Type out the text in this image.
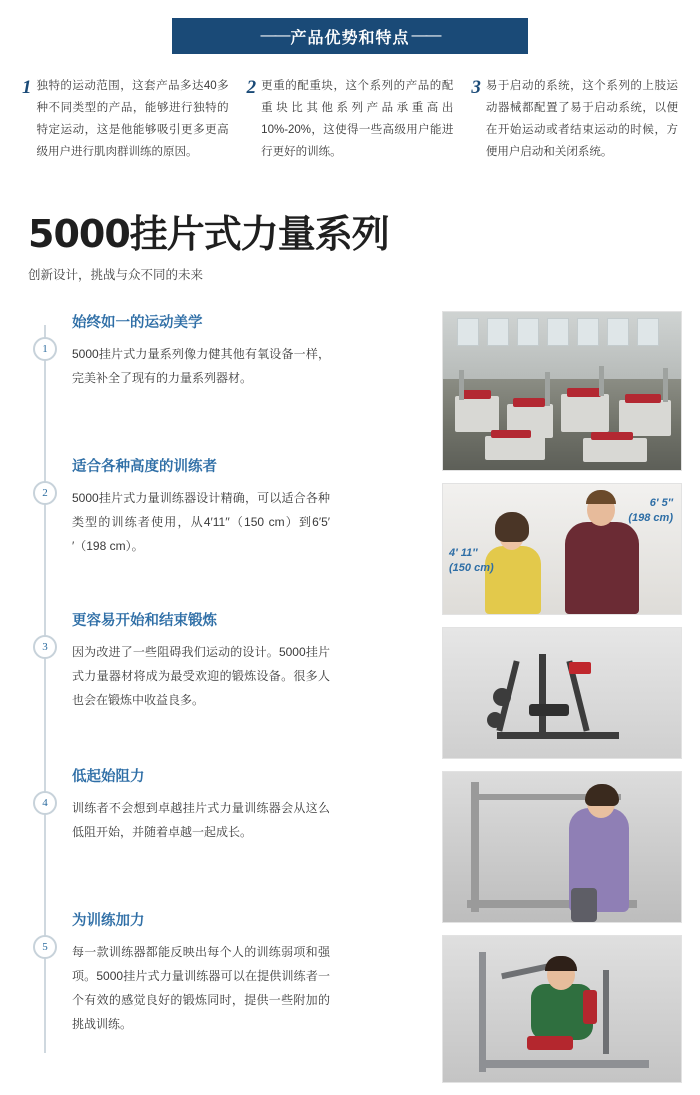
—— 产品优势和特点 ——
1 独特的运动范围，这套产品多达40多种不同类型的产品，能够进行独特的特定运动，这是他能够吸引更多更高级用户进行肌肉群训练的原因。
2 更重的配重块，这个系列的产品的配重块比其他系列产品承重高出10%-20%，这使得一些高级用户能进行更好的训练。
3 易于启动的系统，这个系列的上肢运动器械都配置了易于启动系统，以便在开始运动或者结束运动的时候，方便用户启动和关闭系统。
5000挂片式力量系列
创新设计，挑战与众不同的未来
1
始终如一的运动美学
5000挂片式力量系列像力健其他有氧设备一样，完美补全了现有的力量系列器材。
2
适合各种高度的训练者
5000挂片式力量训练器设计精确，可以适合各种类型的训练者使用，从4′11′′（150 cm）到6′5′′（198 cm）。
3
更容易开始和结束锻炼
因为改进了一些阻碍我们运动的设计。5000挂片式力量器材将成为最受欢迎的锻炼设备。很多人也会在锻炼中收益良多。
4
低起始阻力
训练者不会想到卓越挂片式力量训练器会从这么低阻开始，并随着卓越一起成长。
5
为训练加力
每一款训练器都能反映出每个人的训练弱项和强项。5000挂片式力量训练器可以在提供训练者一个有效的感觉良好的锻炼同时，提供一些附加的挑战训练。
6′ 5″
(198 cm)
4′ 11″
(150 cm)
